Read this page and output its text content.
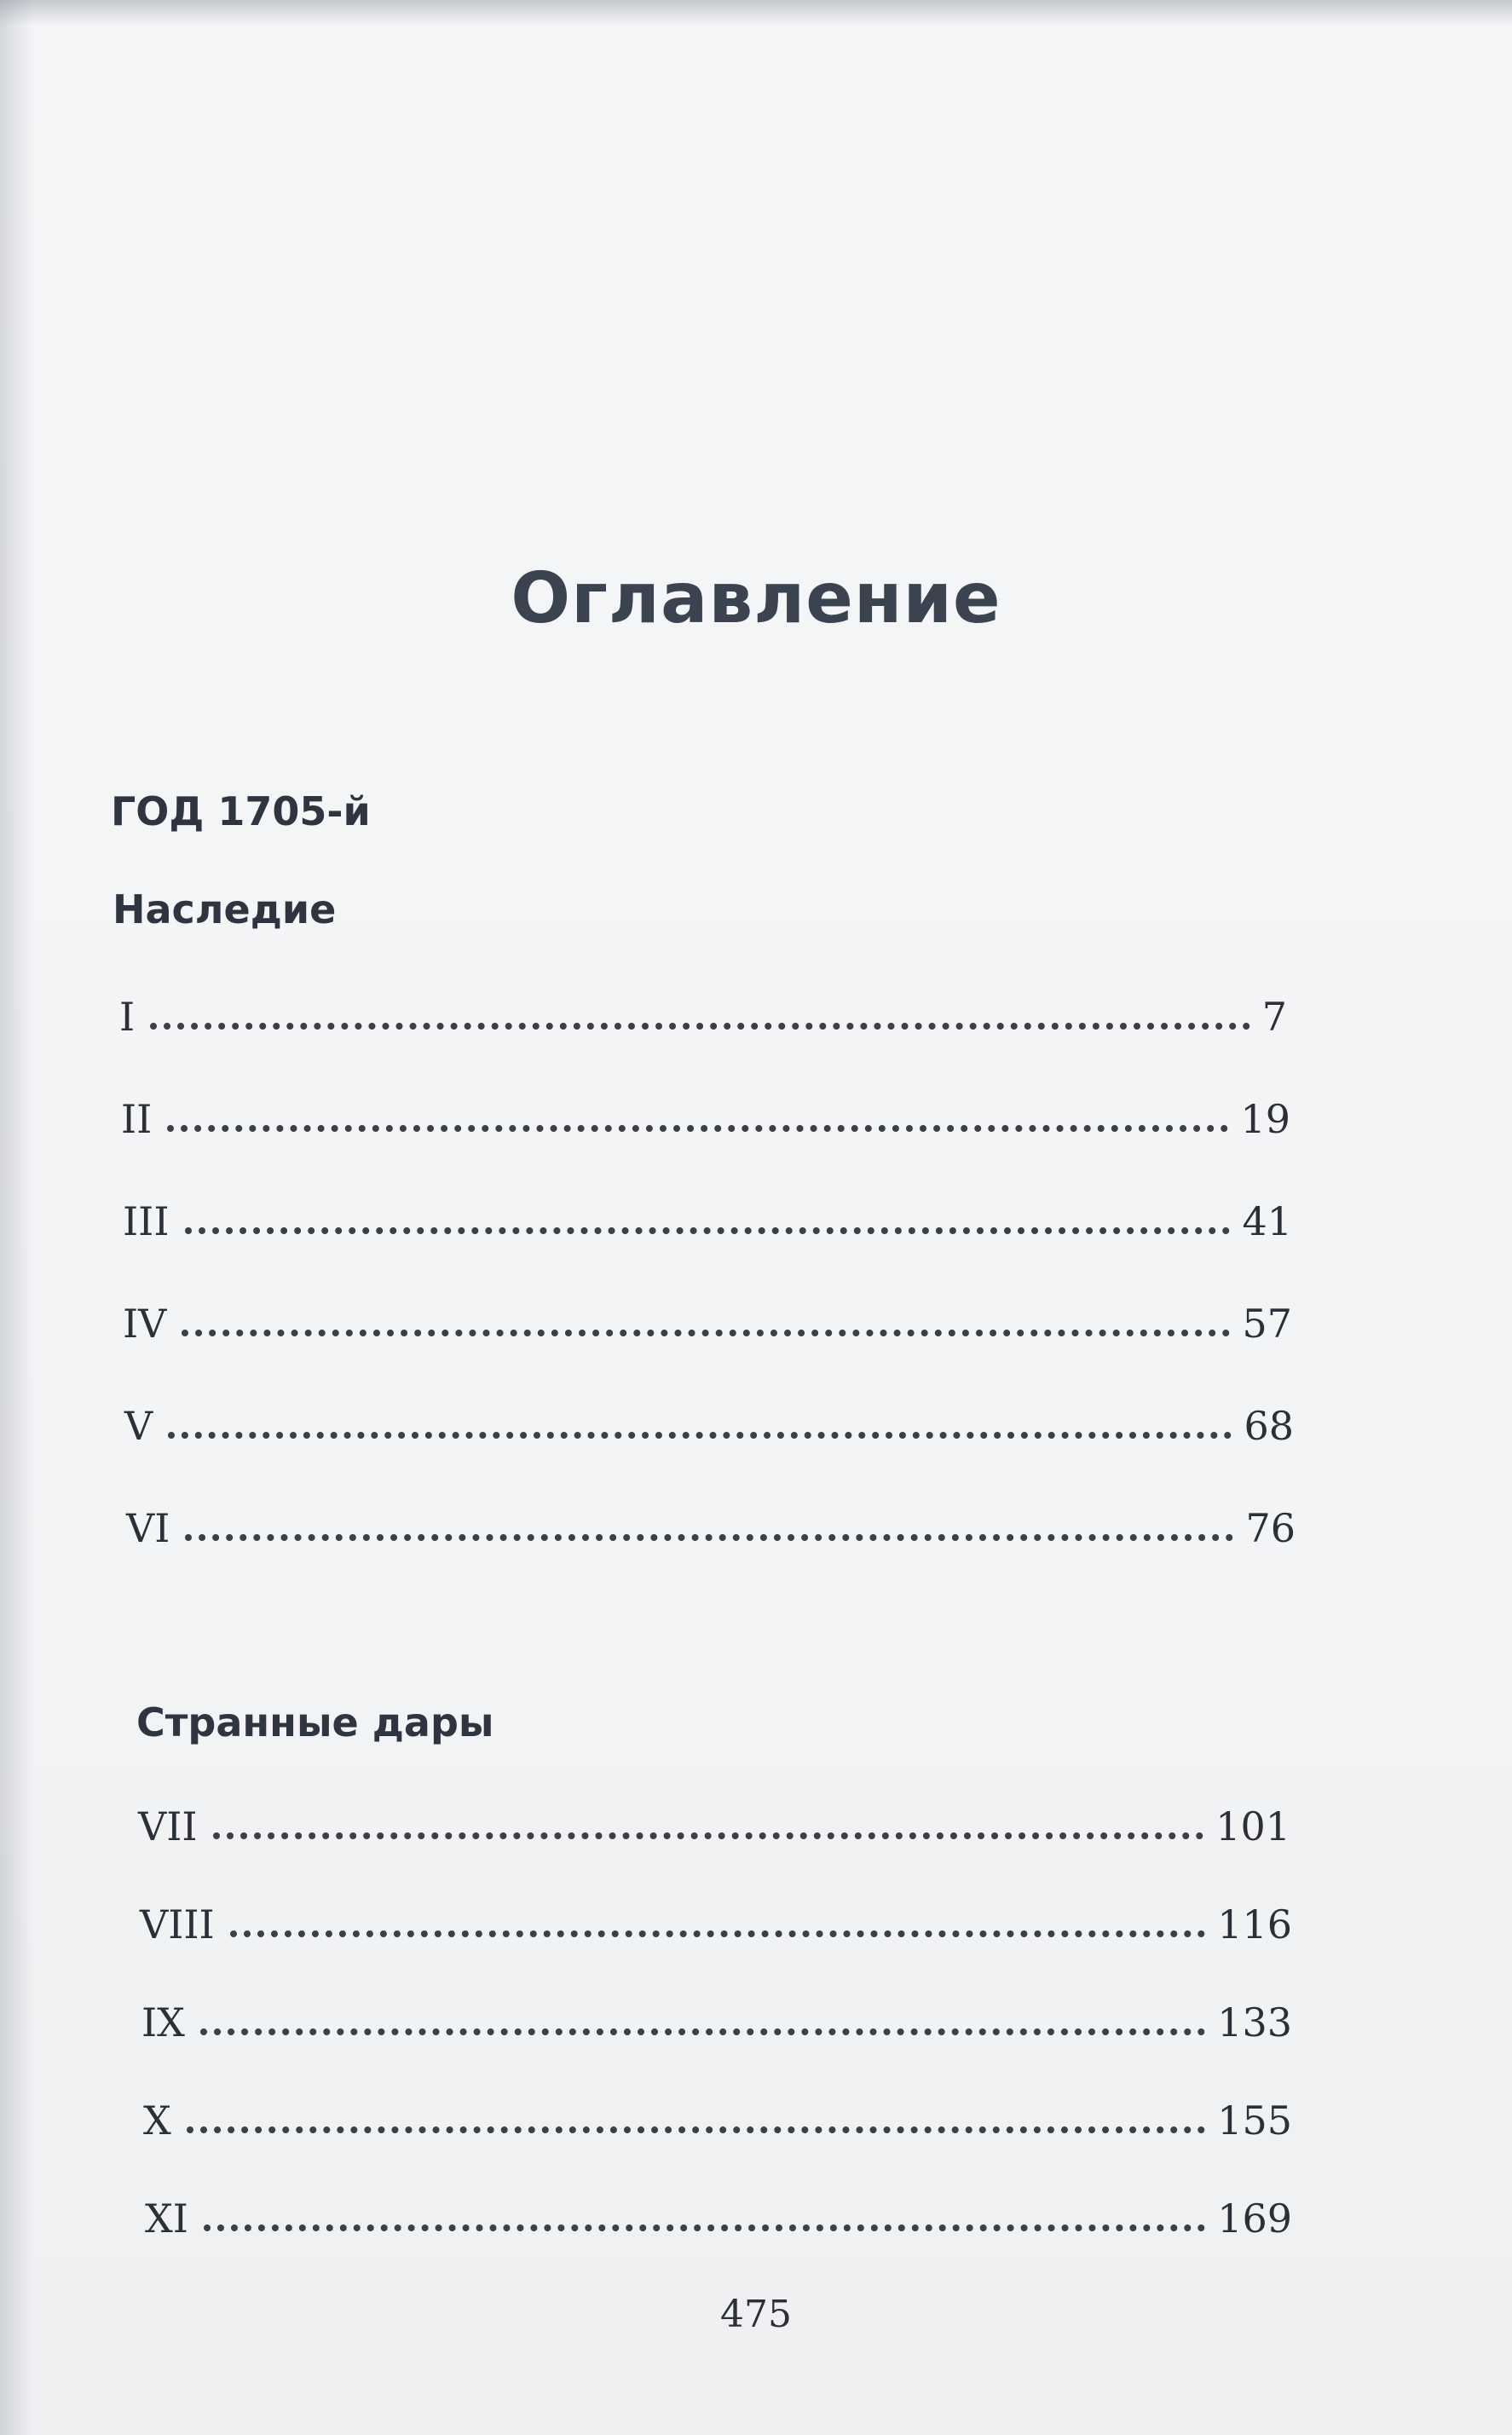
Оглавление
ГОД 1705-й
Наследие
I	7
II	19
III	41
IV	57
V	68
VI	76
Странные дары
VII	101
VIII	116
IX	133
X	155
XI	169
475
